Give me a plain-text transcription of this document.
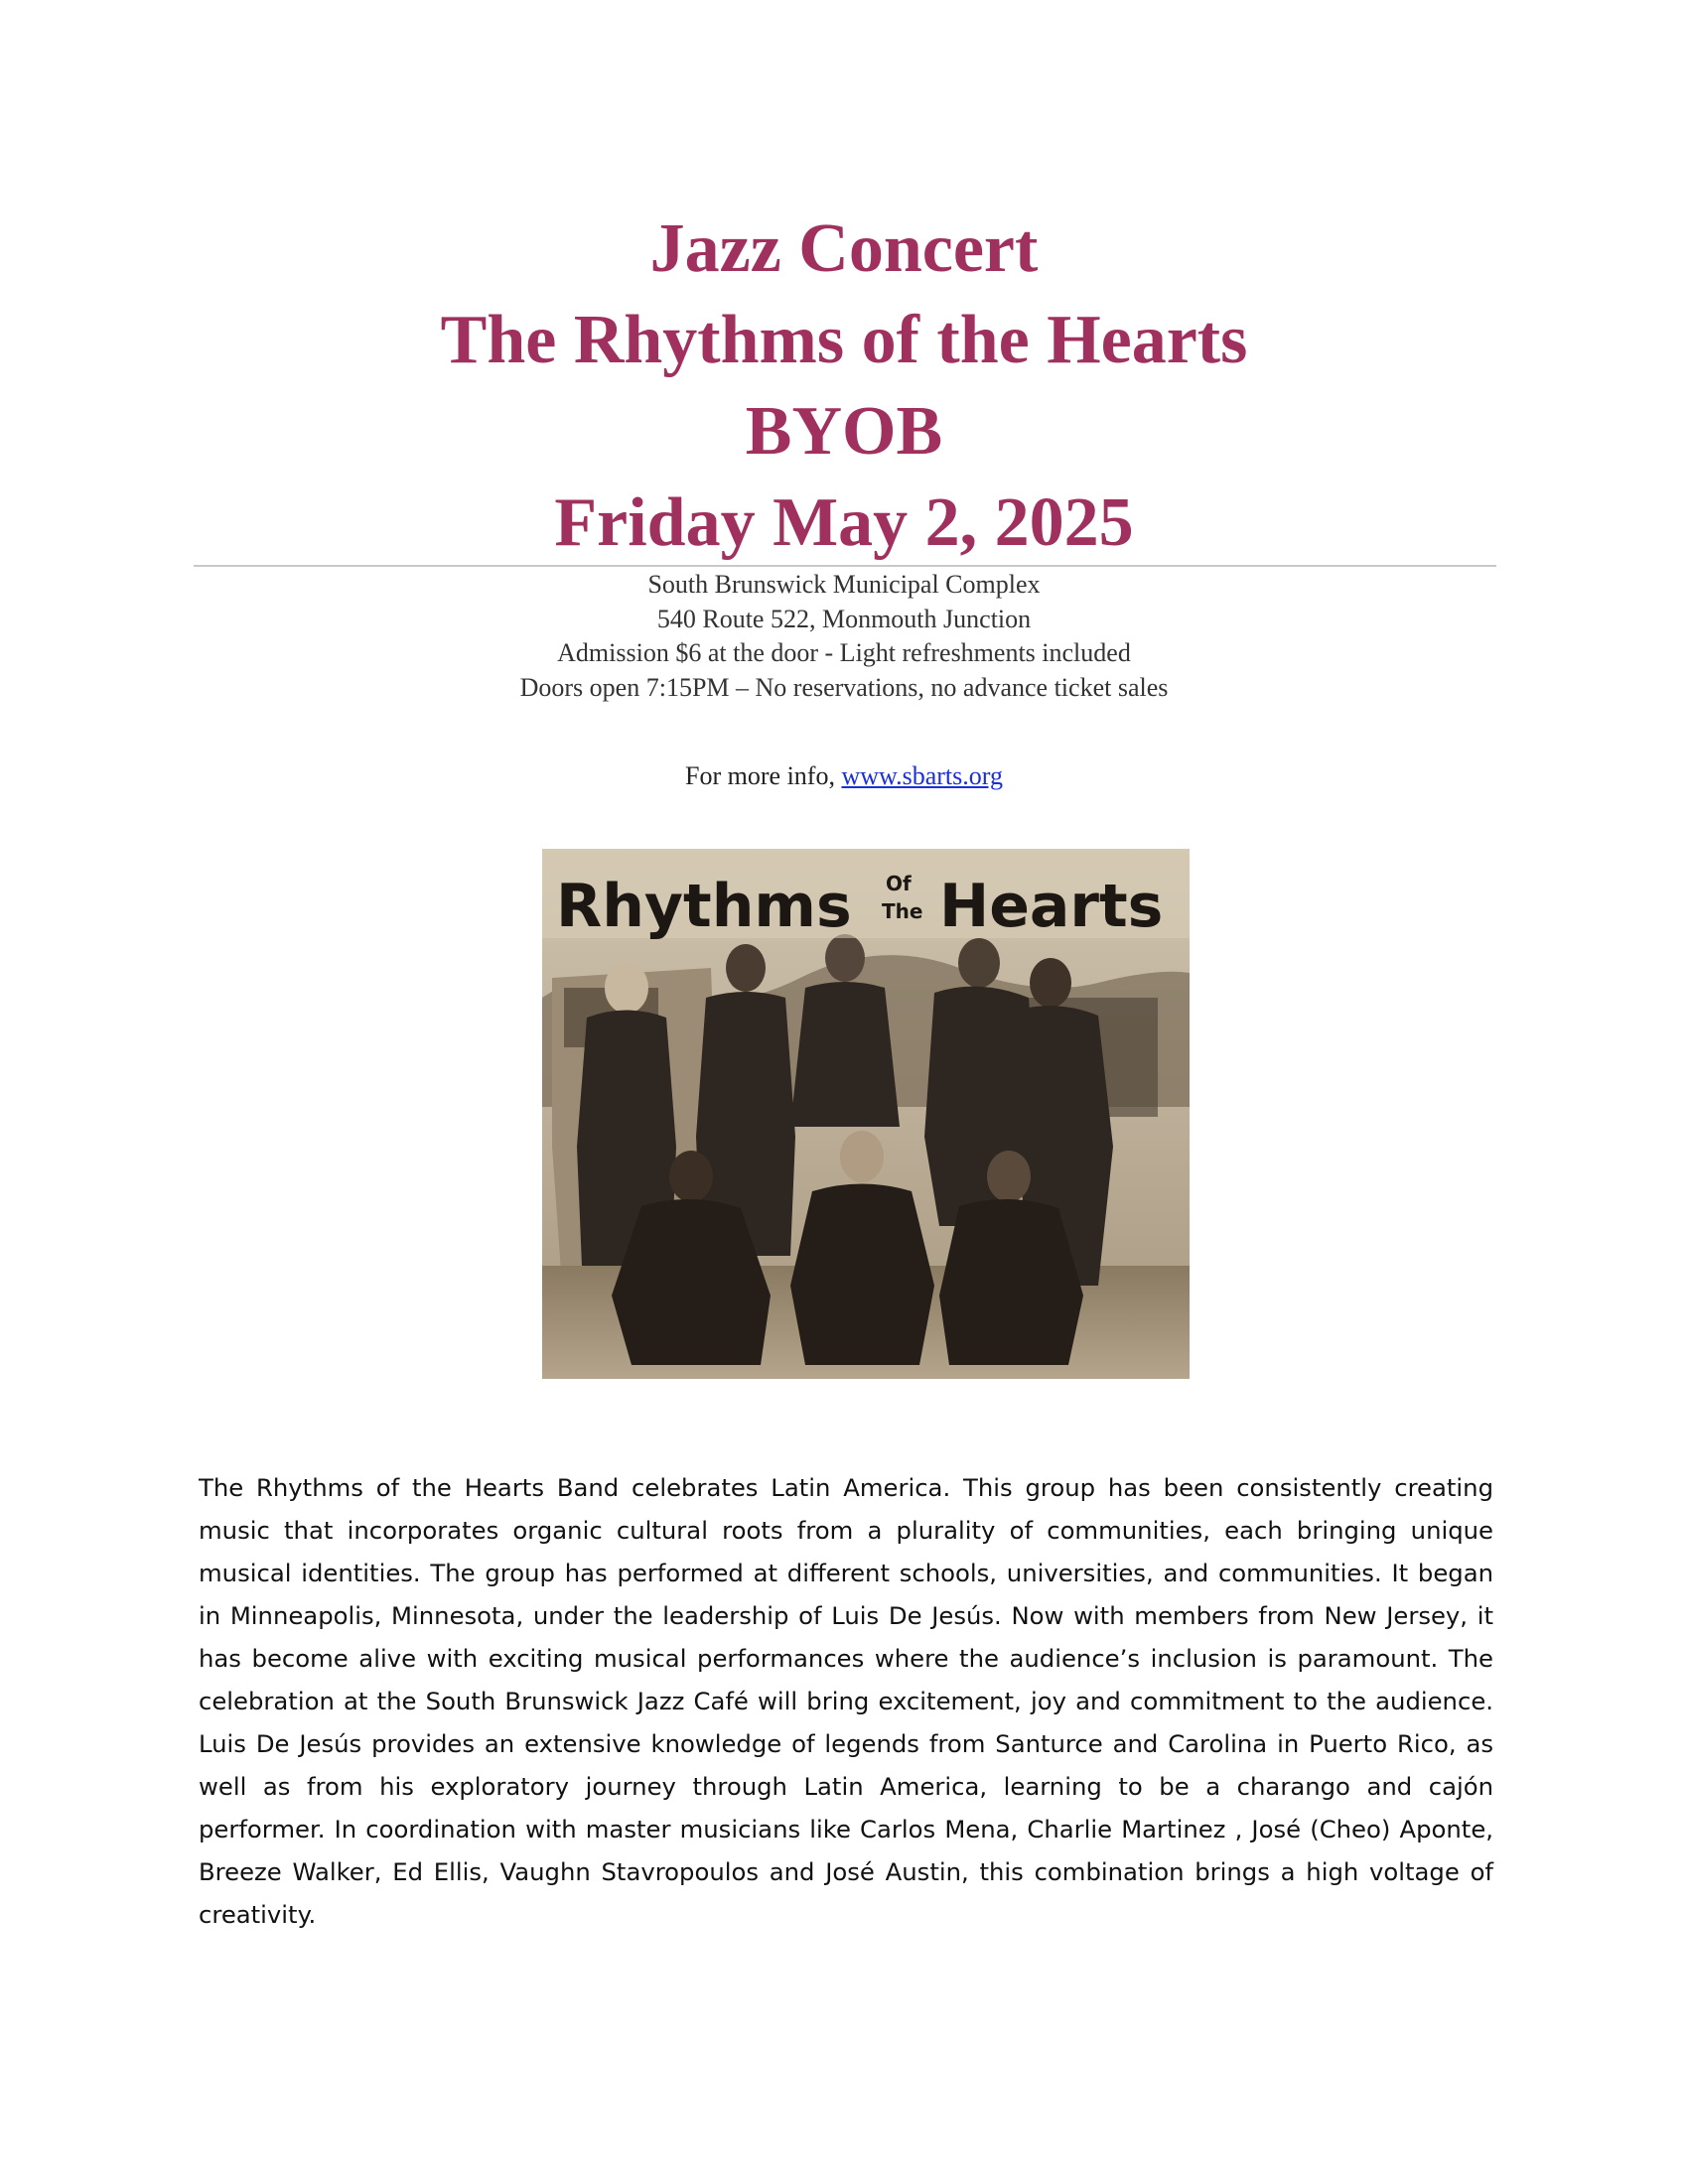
Jazz Concert
The Rhythms of the Hearts
BYOB
Friday May 2, 2025
South Brunswick Municipal Complex
540 Route 522, Monmouth Junction
Admission $6 at the door - Light refreshments included
Doors open 7:15PM – No reservations, no advance ticket sales
For more info, www.sbarts.org
Rhythms Of
The Hearts

The Rhythms of the Hearts Band celebrates Latin America. This group has been consistently creating music that incorporates organic cultural roots from a plurality of communities, each bringing unique musical identities. The group has performed at different schools, universities, and communities. It began in Minneapolis, Minnesota, under the leadership of Luis De Jesús. Now with members from New Jersey, it has become alive with exciting musical performances where the audience’s inclusion is paramount. The celebration at the South Brunswick Jazz Café will bring excitement, joy and commitment to the audience. Luis De Jesús provides an extensive knowledge of legends from Santurce and Carolina in Puerto Rico, as well as from his exploratory journey through Latin America, learning to be a charango and cajón performer. In coordination with master musicians like Carlos Mena, Charlie Martinez , José (Cheo) Aponte, Breeze Walker, Ed Ellis, Vaughn Stavropoulos and José Austin, this combination brings a high voltage of creativity.
